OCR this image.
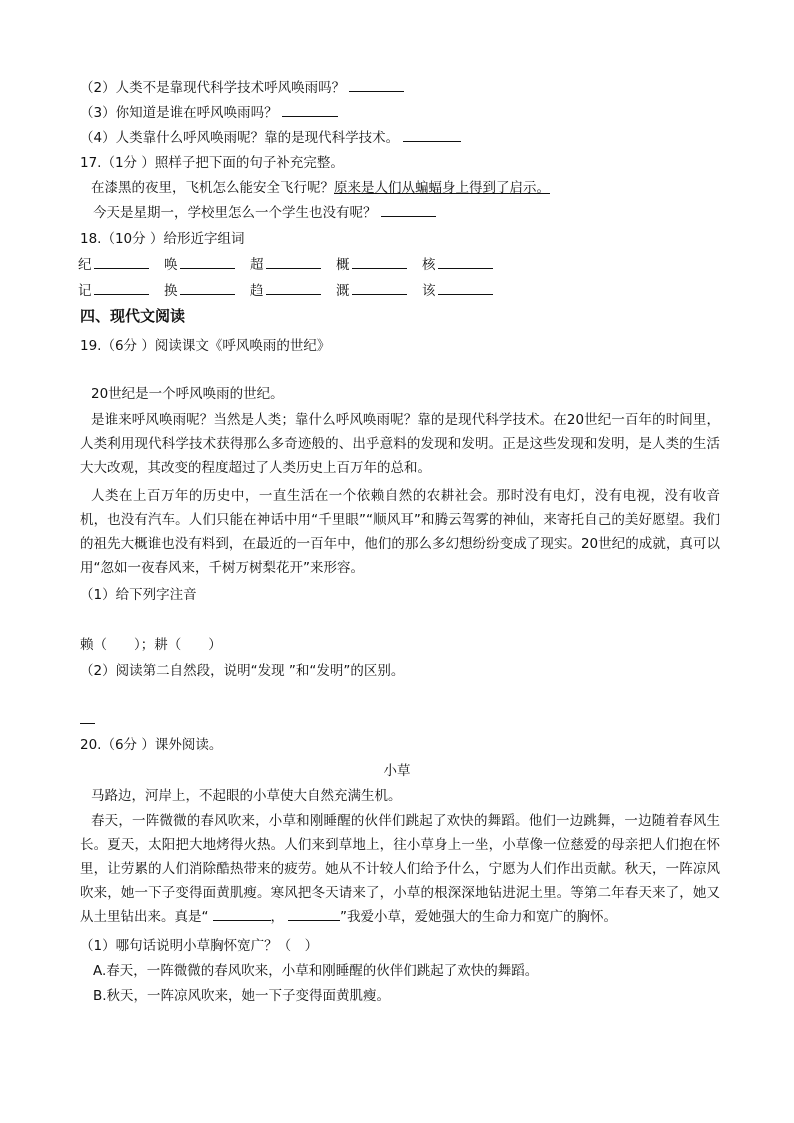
（2）人类不是靠现代科学技术呼风唤雨吗？
（3）你知道是谁在呼风唤雨吗？
（4）人类靠什么呼风唤雨呢？靠的是现代科学技术。
17.（1分 ）照样子把下面的句子补充完整。
在漆黑的夜里，飞机怎么能安全飞行呢？原来是人们从蝙蝠身上得到了启示。
今天是星期一，学校里怎么一个学生也没有呢？
18.（10分 ）给形近字组词
纪	唤	超	概	核
记	换	趋	溉	该
四、现代文阅读
19.（6分 ）阅读课文《呼风唤雨的世纪》
20世纪是一个呼风唤雨的世纪。
是谁来呼风唤雨呢？当然是人类；靠什么呼风唤雨呢？靠的是现代科学技术。在20世纪一百年的时间里，人类利用现代科学技术获得那么多奇迹般的、出乎意料的发现和发明。正是这些发现和发明，是人类的生活大大改观，其改变的程度超过了人类历史上百万年的总和。
人类在上百万年的历史中，一直生活在一个依赖自然的农耕社会。那时没有电灯，没有电视，没有收音机，也没有汽车。人们只能在神话中用“千里眼”“顺风耳”和腾云驾雾的神仙，来寄托自己的美好愿望。我们的祖先大概谁也没有料到，在最近的一百年中，他们的那么多幻想纷纷变成了现实。20世纪的成就，真可以用“忽如一夜春风来，千树万树梨花开”来形容。
（1）给下列字注音
赖（　　）；耕（　　）
（2）阅读第二自然段，说明“发现 ”和“发明”的区别。
20.（6分 ）课外阅读。
小草
马路边，河岸上，不起眼的小草使大自然充满生机。
春天，一阵微微的春风吹来，小草和刚睡醒的伙伴们跳起了欢快的舞蹈。他们一边跳舞，一边随着春风生长。夏天，太阳把大地烤得火热。人们来到草地上，往小草身上一坐，小草像一位慈爱的母亲把人们抱在怀里，让劳累的人们消除酷热带来的疲劳。她从不计较人们给予什么，宁愿为人们作出贡献。秋天，一阵凉风吹来，她一下子变得面黄肌瘦。寒风把冬天请来了，小草的根深深地钻进泥土里。等第二年春天来了，她又从土里钻出来。真是“	，	”我爱小草，爱她强大的生命力和宽广的胸怀。
（1）哪句话说明小草胸怀宽广？（　）
A.春天，一阵微微的春风吹来，小草和刚睡醒的伙伴们跳起了欢快的舞蹈。
B.秋天，一阵凉风吹来，她一下子变得面黄肌瘦。
